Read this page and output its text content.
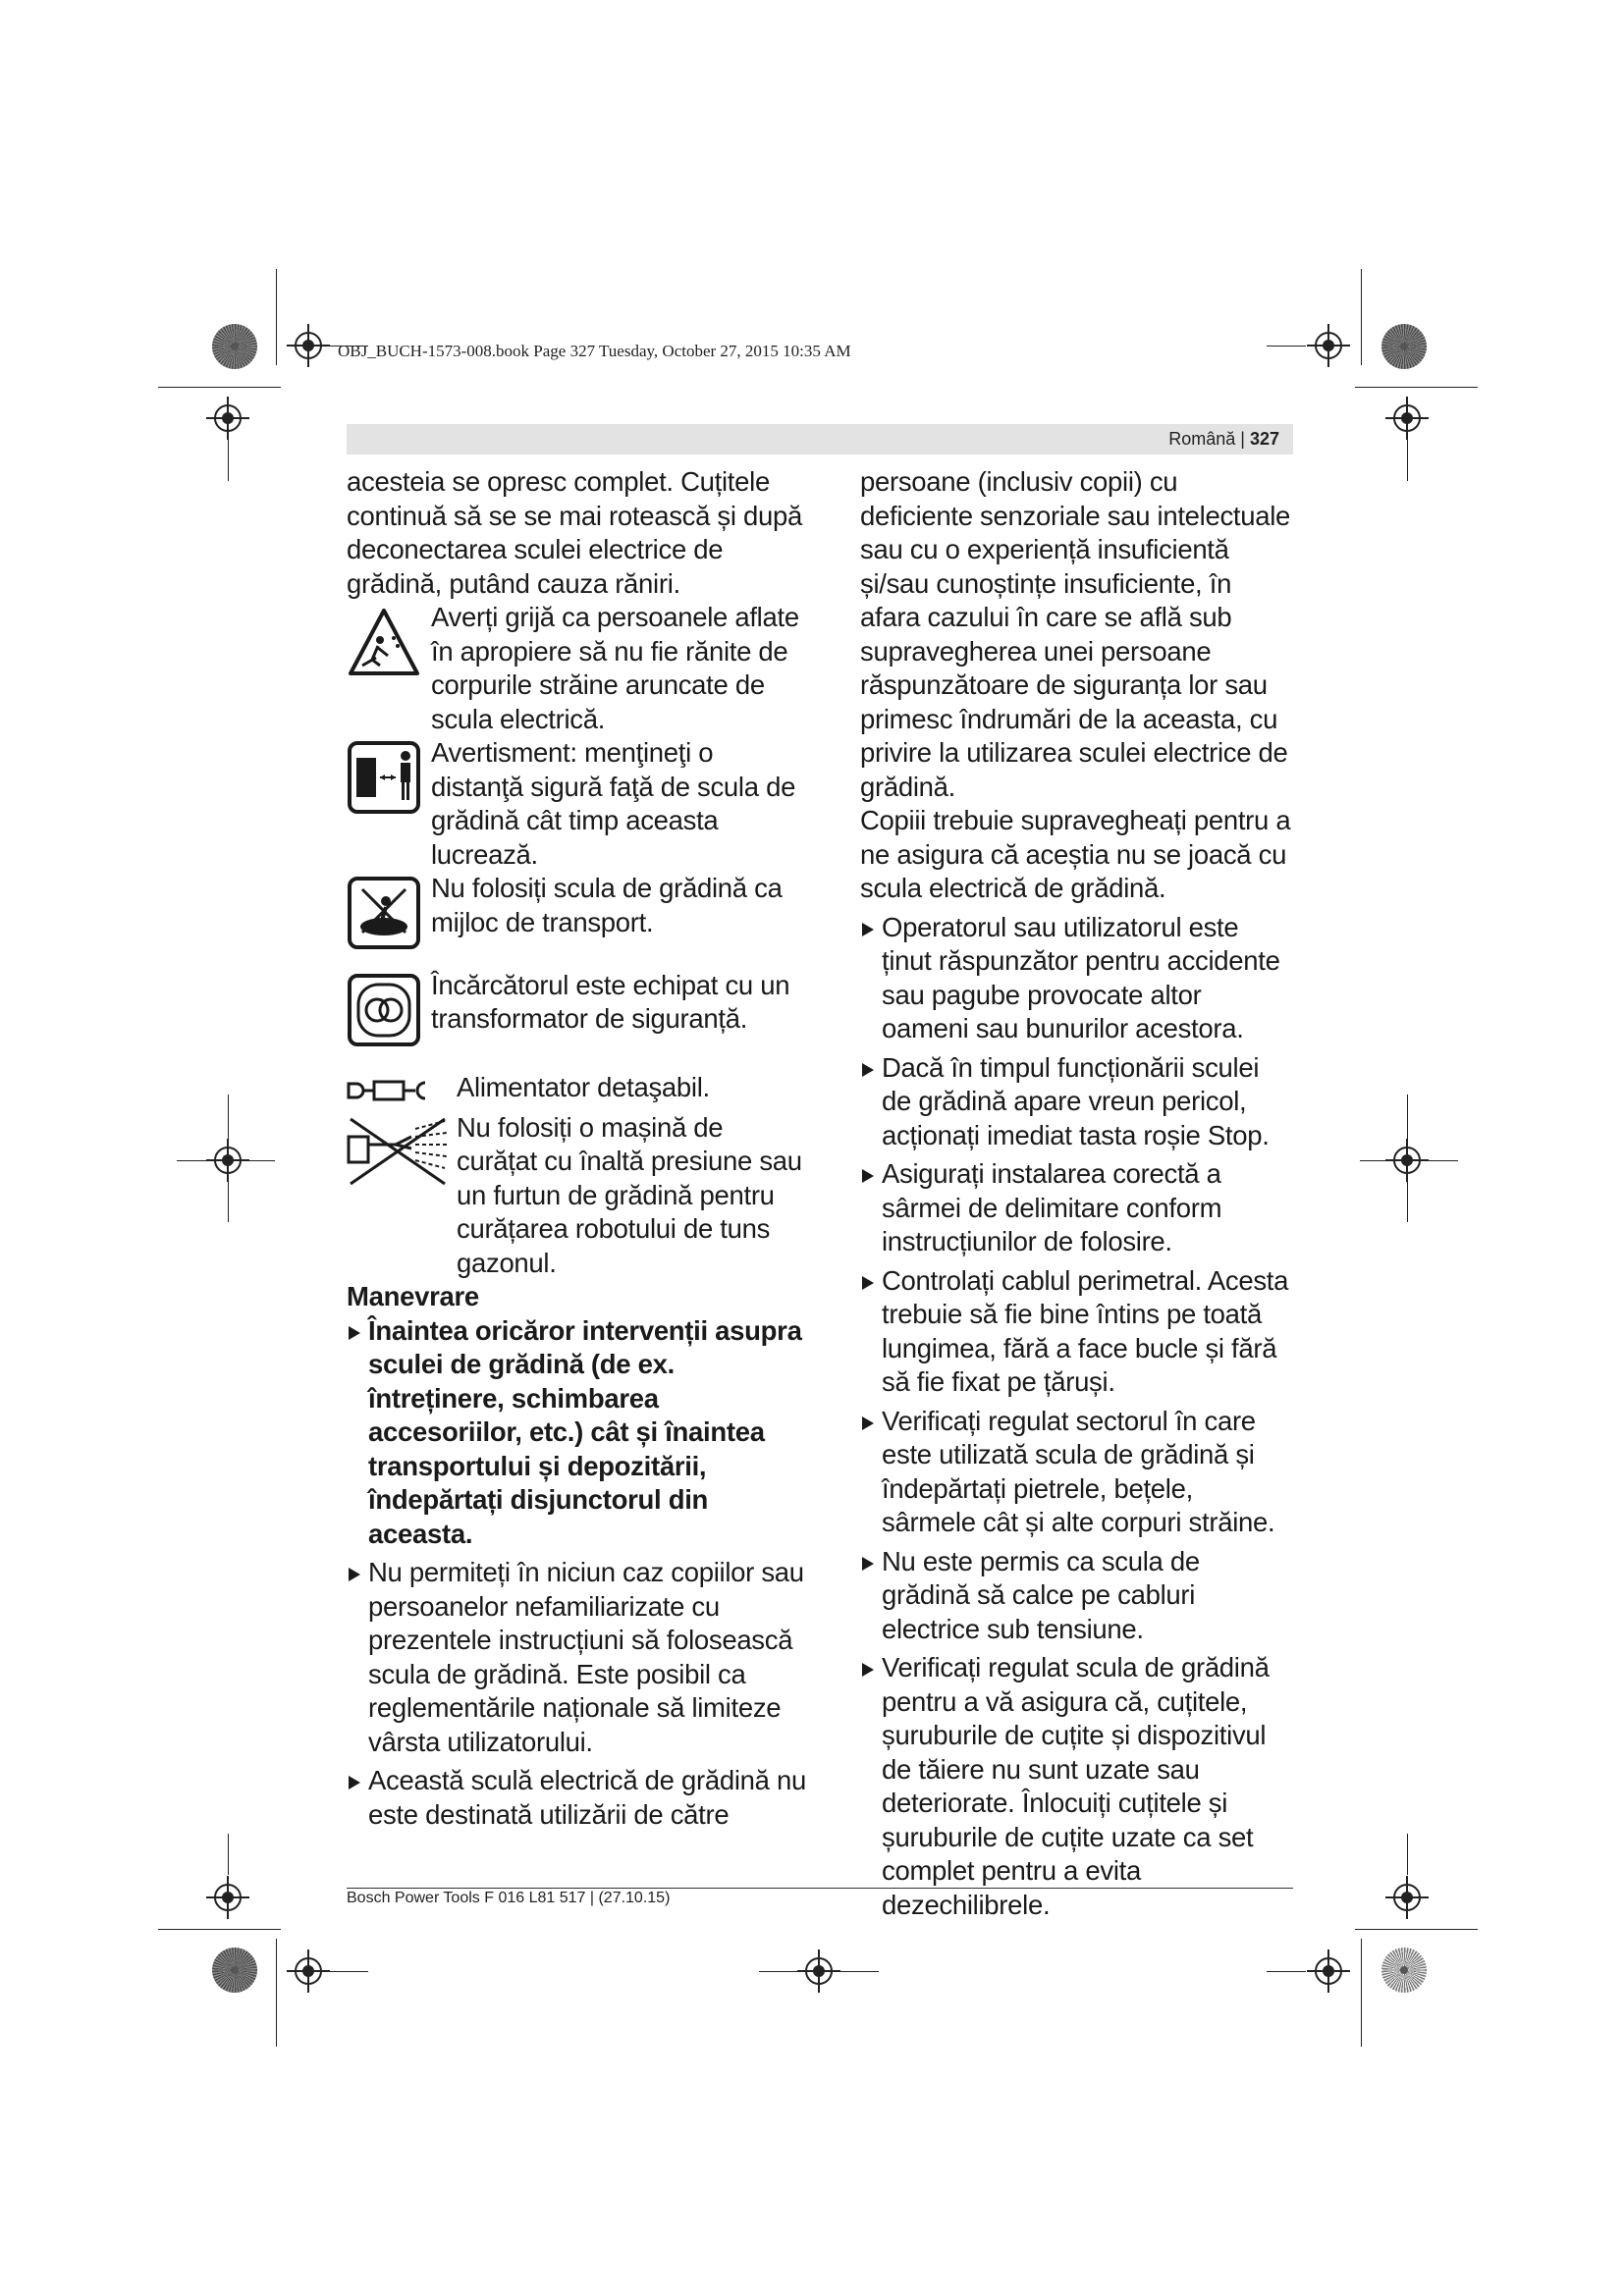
OBJ_BUCH-1573-008.book Page 327 Tuesday, October 27, 2015 10:35 AM
Română | 327

acesteia se opresc complet. Cuțitele continuă să se se mai rotească și după deconectarea sculei electrice de grădină, putând cauza răniri.

Averți grijă ca persoanele aflate în apropiere să nu fie rănite de corpurile străine aruncate de scula electrică.
Avertisment: menţineţi o distanţă sigură faţă de scula de grădină cât timp aceasta lucrează.
Nu folosiți scula de grădină ca mijloc de transport.
Încărcătorul este echipat cu un transformator de siguranță.
Alimentator detaşabil.
Nu folosiți o mașină de curățat cu înaltă presiune sau un furtun de grădină pentru curățarea robotului de tuns gazonul.

Manevrare

Înaintea oricăror intervenții asupra sculei de grădină (de ex. întreținere, schimbarea accesoriilor, etc.) cât și înaintea transportului și depozitării, îndepărtați disjunctorul din aceasta.

Nu permiteți în niciun caz copiilor sau persoanelor nefamiliarizate cu prezentele instrucțiuni să folosească scula de grădină. Este posibil ca reglementările naționale să limiteze vârsta utilizatorului.

Această sculă electrică de grădină nu este destinată utilizării de către

persoane (inclusiv copii) cu deficiente senzoriale sau intelectuale sau cu o experiență insuficientă și/sau cunoștințe insuficiente, în afara cazului în care se află sub supravegherea unei persoane răspunzătoare de siguranța lor sau primesc îndrumări de la aceasta, cu privire la utilizarea sculei electrice de grădină.

Copiii trebuie supravegheați pentru a ne asigura că aceștia nu se joacă cu scula electrică de grădină.

Operatorul sau utilizatorul este ținut răspunzător pentru accidente sau pagube provocate altor oameni sau bunurilor acestora.

Dacă în timpul funcționării sculei de grădină apare vreun pericol, acționați imediat tasta roșie Stop.

Asigurați instalarea corectă a sârmei de delimitare conform instrucțiunilor de folosire.

Controlați cablul perimetral. Acesta trebuie să fie bine întins pe toată lungimea, fără a face bucle și fără să fie fixat pe țăruși.

Verificați regulat sectorul în care este utilizată scula de grădină și îndepărtați pietrele, bețele, sârmele cât și alte corpuri străine.

Nu este permis ca scula de grădină să calce pe cabluri electrice sub tensiune.

Verificați regulat scula de grădină pentru a vă asigura că, cuțitele, șuruburile de cuțite și dispozitivul de tăiere nu sunt uzate sau deteriorate. Înlocuiți cuțitele și șuruburile de cuțite uzate ca set complet pentru a evita dezechilibrele.

Bosch Power Tools F 016 L81 517 | (27.10.15)
